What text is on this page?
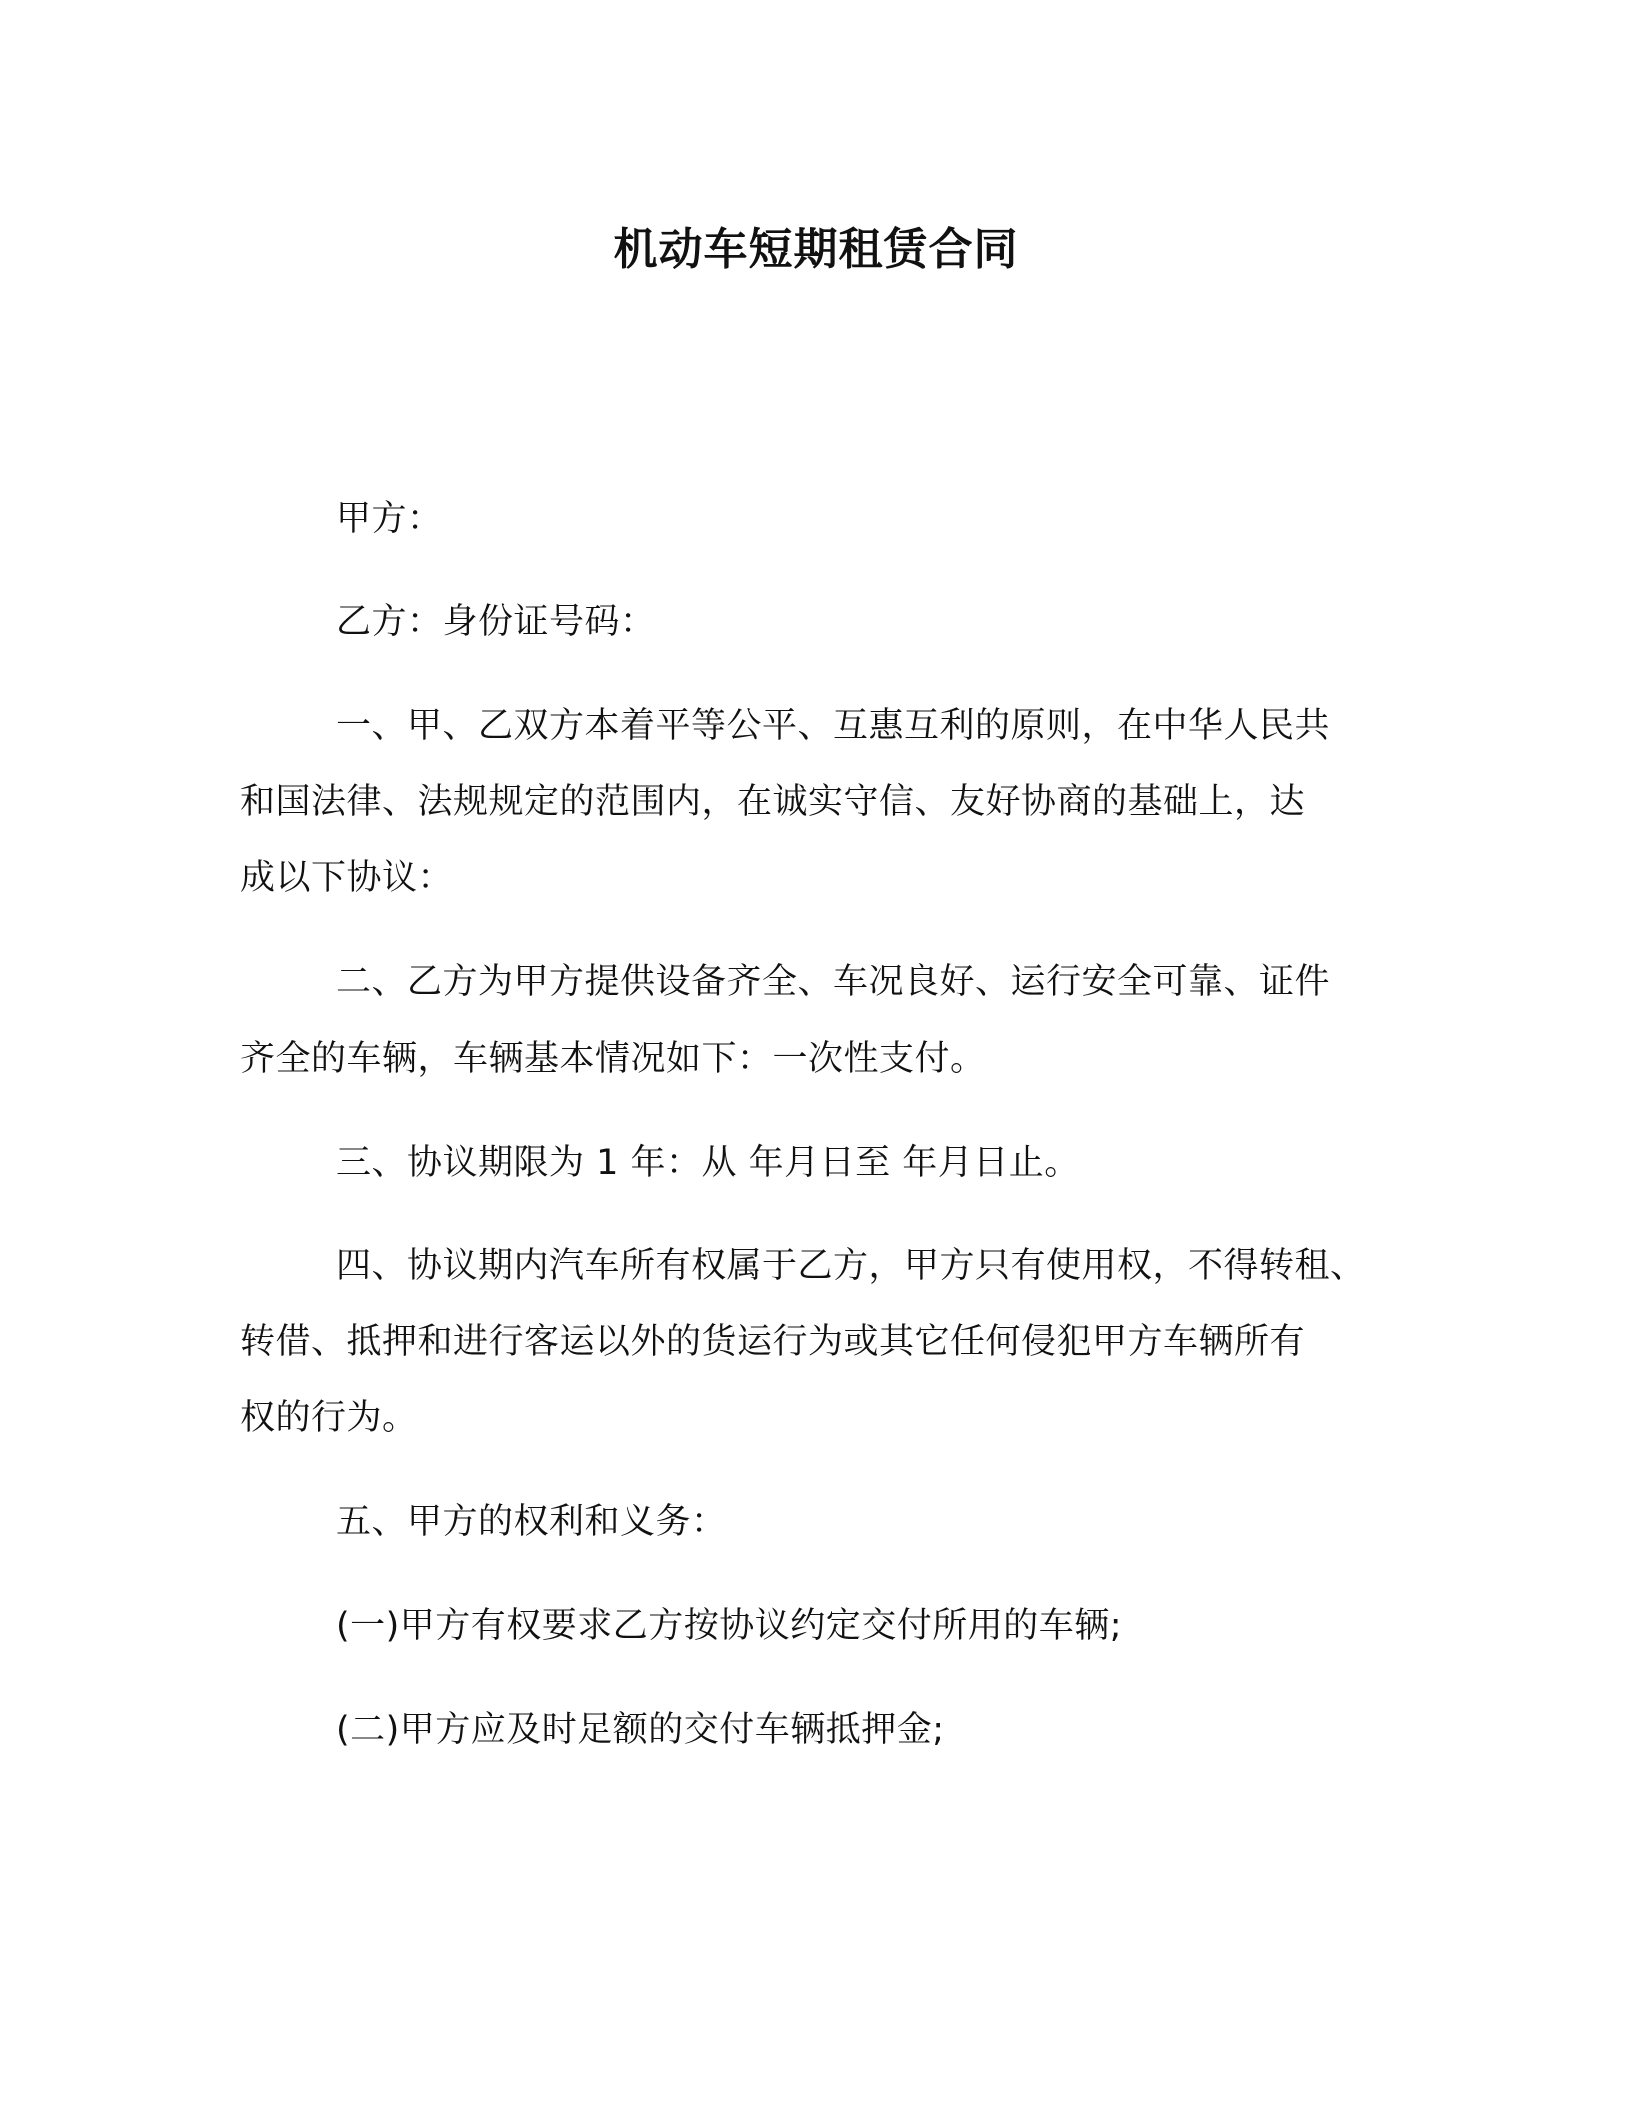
机动车短期租赁合同

甲方：

乙方：身份证号码：

一、甲、乙双方本着平等公平、互惠互利的原则，在中华人民共

和国法律、法规规定的范围内，在诚实守信、友好协商的基础上，达

成以下协议：

二、乙方为甲方提供设备齐全、车况良好、运行安全可靠、证件

齐全的车辆，车辆基本情况如下：一次性支付。

三、协议期限为 1 年：从 年月日至 年月日止。

四、协议期内汽车所有权属于乙方，甲方只有使用权，不得转租、

转借、抵押和进行客运以外的货运行为或其它任何侵犯甲方车辆所有

权的行为。

五、甲方的权利和义务：

(一)甲方有权要求乙方按协议约定交付所用的车辆;

(二)甲方应及时足额的交付车辆抵押金;
